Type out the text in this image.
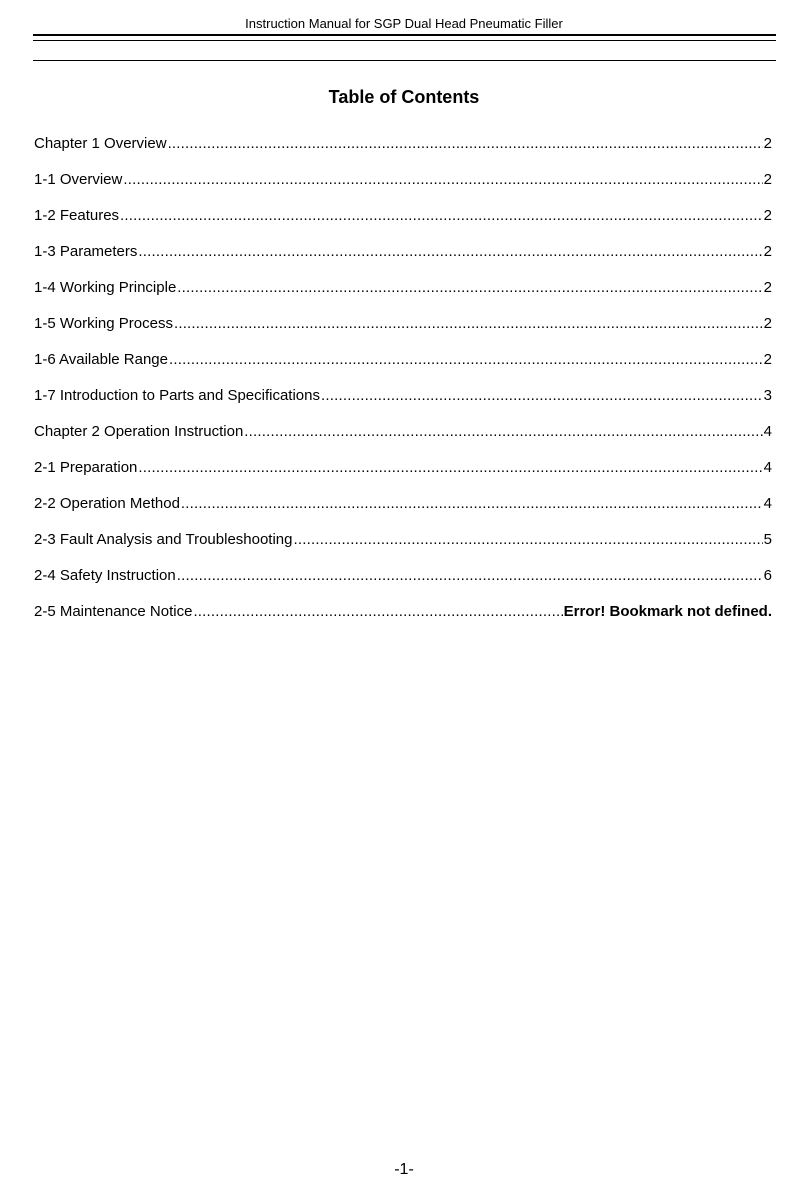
Instruction Manual for SGP Dual Head Pneumatic Filler
Table of Contents
Chapter 1 Overview .....	2
1-1 Overview .....	2
1-2 Features .....	2
1-3 Parameters .....	2
1-4 Working Principle .....	2
1-5 Working Process .....	2
1-6 Available Range .....	2
1-7 Introduction to Parts and Specifications .....	3
Chapter 2 Operation Instruction .....	4
2-1 Preparation .....	4
2-2 Operation Method .....	4
2-3 Fault Analysis and Troubleshooting .....	5
2-4 Safety Instruction .....	6
2-5 Maintenance Notice .....	Error! Bookmark not defined.
-1-
